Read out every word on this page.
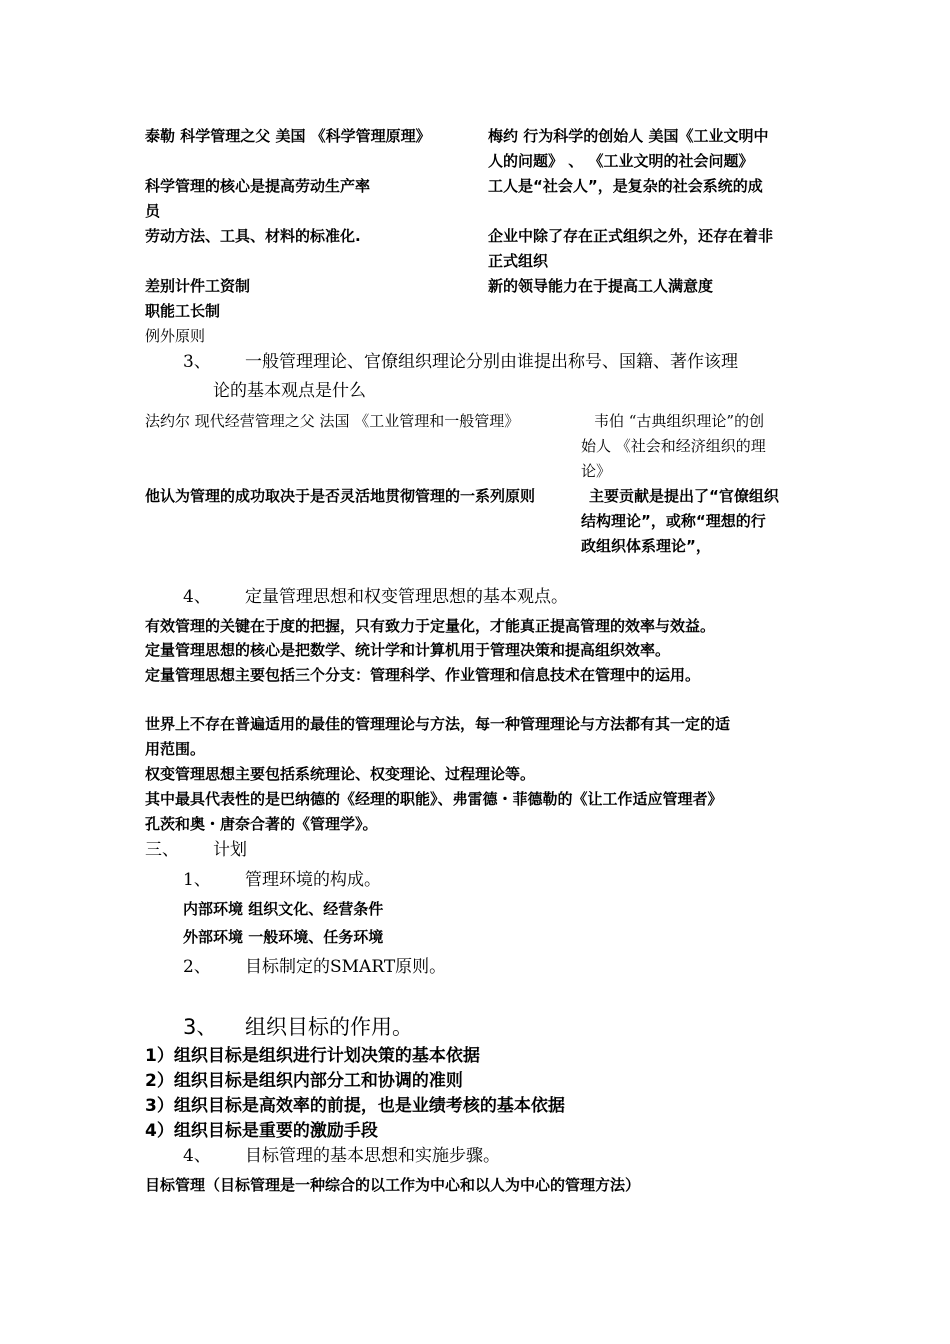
泰勒 科学管理之父 美国 《科学管理原理》	梅约 行为科学的创始人 美国《工业文明中
人的问题》 、 《工业文明的社会问题》
科学管理的核心是提高劳动生产率	工人是“社会人”，是复杂的社会系统的成
员
劳动方法、工具、材料的标准化.	企业中除了存在正式组织之外，还存在着非
正式组织
差别计件工资制	新的领导能力在于提高工人满意度
职能工长制
例外原则
3、 一般管理理论、官僚组织理论分别由谁提出称号、国籍、著作该理
论的基本观点是什么
法约尔 现代经营管理之父 法国 《工业管理和一般管理》	韦伯 “古典组织理论”的创
始人 《社会和经济组织的理
论》
他认为管理的成功取决于是否灵活地贯彻管理的一系列原则	主要贡献是提出了“官僚组织
结构理论”，或称“理想的行
政组织体系理论”，
4、 定量管理思想和权变管理思想的基本观点。
有效管理的关键在于度的把握，只有致力于定量化，才能真正提高管理的效率与效益。
定量管理思想的核心是把数学、统计学和计算机用于管理决策和提高组织效率。
定量管理思想主要包括三个分支：管理科学、作业管理和信息技术在管理中的运用。
世界上不存在普遍适用的最佳的管理理论与方法，每一种管理理论与方法都有其一定的适
用范围。
权变管理思想主要包括系统理论、权变理论、过程理论等。
其中最具代表性的是巴纳德的《经理的职能》、弗雷德・菲德勒的《让工作适应管理者》
孔茨和奥・唐奈合著的《管理学》。
三、 计划
1、 管理环境的构成。
内部环境 组织文化、经营条件
外部环境 一般环境、任务环境
2、 目标制定的SMART原则。
3、 组织目标的作用。
1）组织目标是组织进行计划决策的基本依据
2）组织目标是组织内部分工和协调的准则
3）组织目标是高效率的前提，也是业绩考核的基本依据
4）组织目标是重要的激励手段
4、 目标管理的基本思想和实施步骤。
目标管理（目标管理是一种综合的以工作为中心和以人为中心的管理方法）
